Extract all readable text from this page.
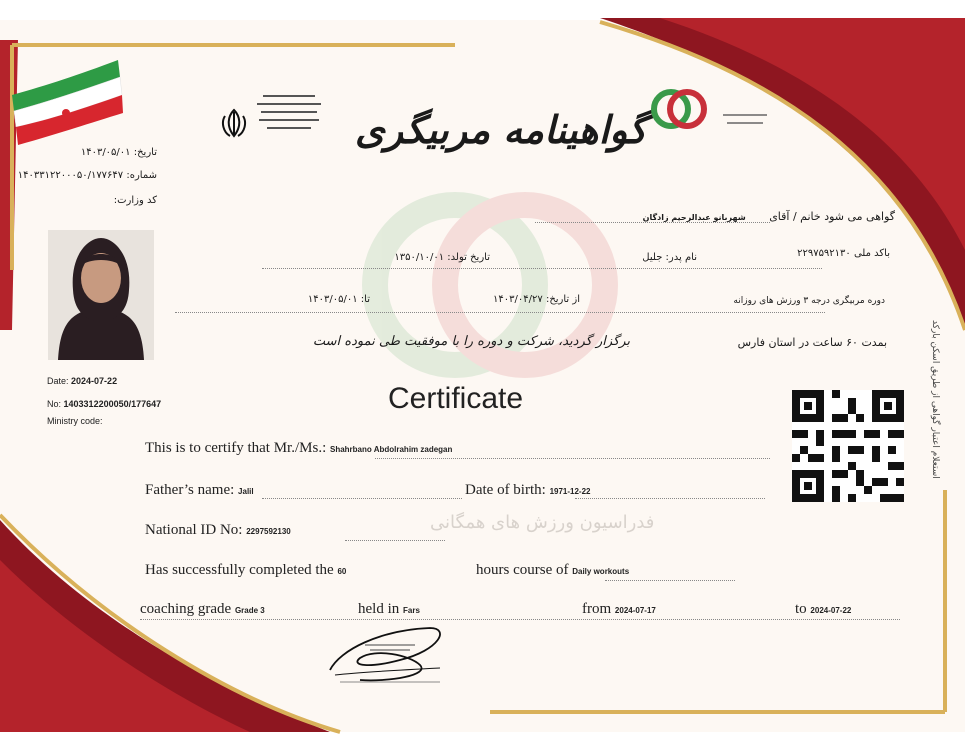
گواهینامه مربیگری

تاریخ: ۱۴۰۳/۰۵/۰۱
شماره: ۱۴۰۳۳۱۲۲۰۰۰۵۰/۱۷۷۶۴۷
کد وزارت:
Date: 2024-07-22
No: 1403312200050/177647
Ministry code:
گواهی می شود خانم / آقای شهربانو عبدالرحیم زادگان
باکد ملی ۲۲۹۷۵۹۲۱۳۰
نام پدر: جلیل
تاریخ تولد: ۱۳۵۰/۱۰/۰۱
دوره مربیگری درجه ۳ ورزش های روزانه
از تاریخ: ۱۴۰۳/۰۴/۲۷
تا: ۱۴۰۳/۰۵/۰۱
بمدت ۶۰ ساعت در استان فارس
برگزار گردید، شرکت و دوره را با موفقیت طی نموده است	استعلام اعتبار گواهی از طریق اسکن بارکد
Certificate
فدراسیون ورزش های همگانی
This is to certify that Mr./Ms.: Shahrbano Abdolrahim zadegan
Father’s name: Jalil	Date of birth: 1971-12-22
National ID No: 2297592130
Has successfully completed the 60	hours course of Daily workouts
coaching grade Grade 3	held in Fars	from 2024-07-17	to 2024-07-22
